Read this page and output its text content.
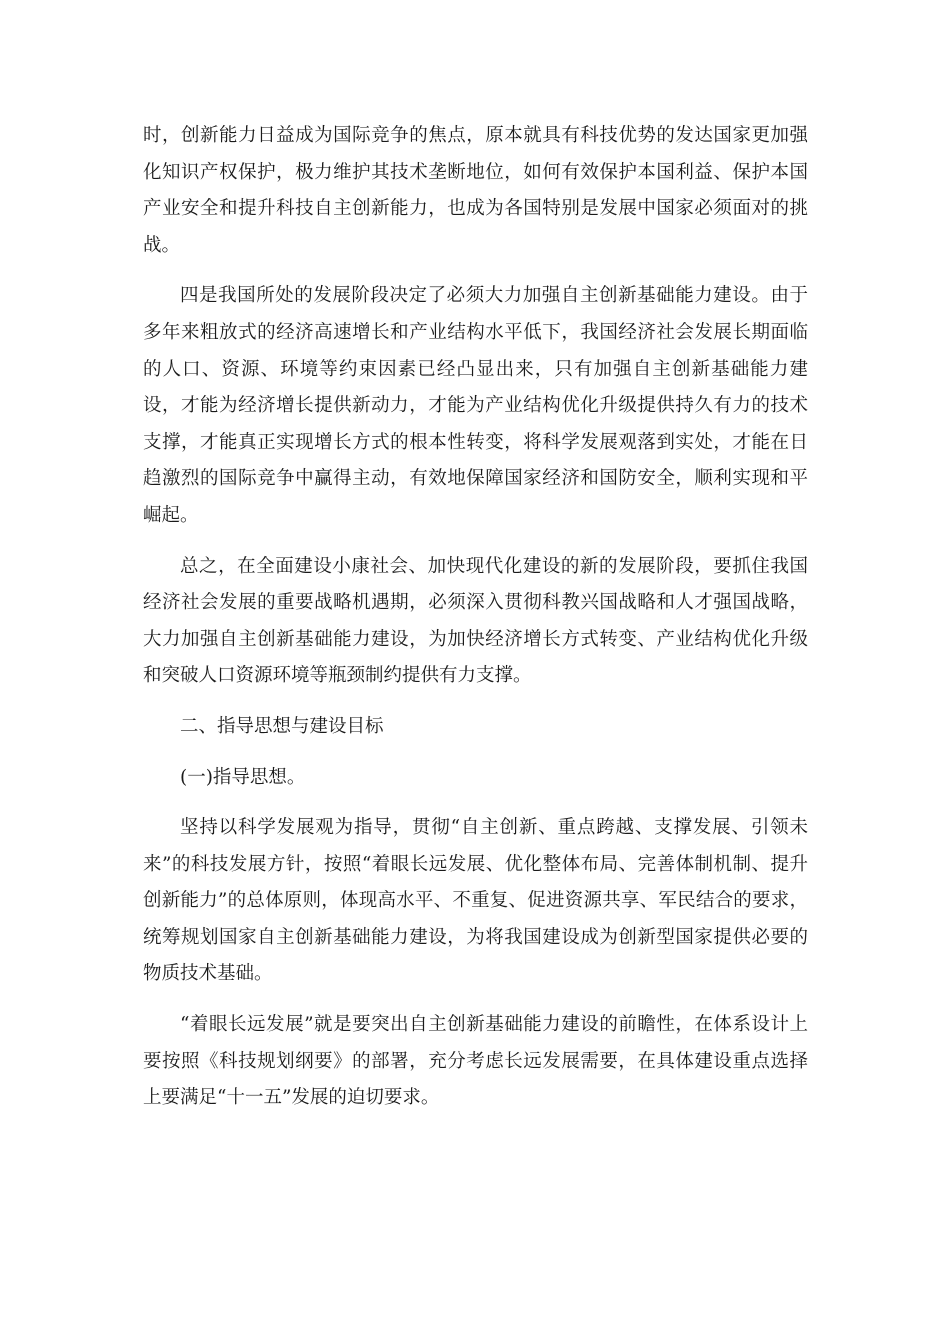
时，创新能力日益成为国际竞争的焦点，原本就具有科技优势的发达国家更加强化知识产权保护，极力维护其技术垄断地位，如何有效保护本国利益、保护本国产业安全和提升科技自主创新能力，也成为各国特别是发展中国家必须面对的挑战。

四是我国所处的发展阶段决定了必须大力加强自主创新基础能力建设。由于多年来粗放式的经济高速增长和产业结构水平低下，我国经济社会发展长期面临的人口、资源、环境等约束因素已经凸显出来，只有加强自主创新基础能力建设，才能为经济增长提供新动力，才能为产业结构优化升级提供持久有力的技术支撑，才能真正实现增长方式的根本性转变，将科学发展观落到实处，才能在日趋激烈的国际竞争中赢得主动，有效地保障国家经济和国防安全，顺利实现和平崛起。

总之，在全面建设小康社会、加快现代化建设的新的发展阶段，要抓住我国经济社会发展的重要战略机遇期，必须深入贯彻科教兴国战略和人才强国战略，大力加强自主创新基础能力建设，为加快经济增长方式转变、产业结构优化升级和突破人口资源环境等瓶颈制约提供有力支撑。

二、指导思想与建设目标

(一)指导思想。

坚持以科学发展观为指导，贯彻“自主创新、重点跨越、支撑发展、引领未来”的科技发展方针，按照“着眼长远发展、优化整体布局、完善体制机制、提升创新能力”的总体原则，体现高水平、不重复、促进资源共享、军民结合的要求，统筹规划国家自主创新基础能力建设，为将我国建设成为创新型国家提供必要的物质技术基础。

“着眼长远发展”就是要突出自主创新基础能力建设的前瞻性，在体系设计上要按照《科技规划纲要》的部署，充分考虑长远发展需要，在具体建设重点选择上要满足“十一五”发展的迫切要求。
